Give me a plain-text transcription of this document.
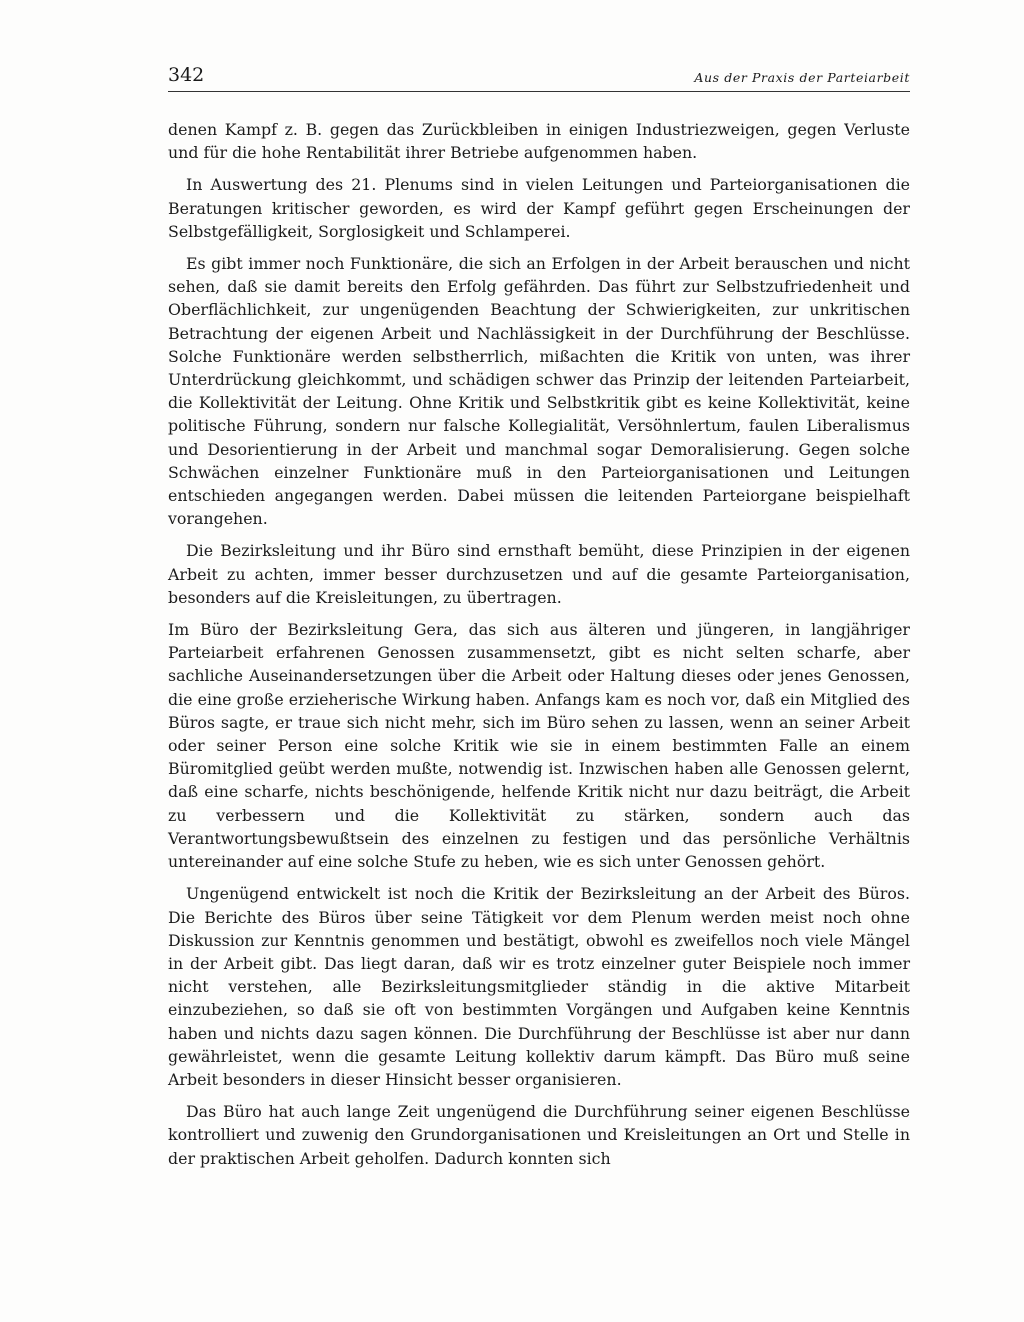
342	Aus der Praxis der Parteiarbeit

denen Kampf z. B. gegen das Zurückbleiben in einigen Industriezweigen, gegen Verluste und für die hohe Rentabilität ihrer Betriebe aufgenommen haben.

In Auswertung des 21. Plenums sind in vielen Leitungen und Parteiorganisationen die Beratungen kritischer geworden, es wird der Kampf geführt gegen Erscheinungen der Selbstgefälligkeit, Sorglosigkeit und Schlamperei.

Es gibt immer noch Funktionäre, die sich an Erfolgen in der Arbeit berauschen und nicht sehen, daß sie damit bereits den Erfolg gefährden. Das führt zur Selbstzufriedenheit und Oberflächlichkeit, zur ungenügenden Beachtung der Schwierigkeiten, zur unkritischen Betrachtung der eigenen Arbeit und Nachlässigkeit in der Durchführung der Beschlüsse. Solche Funktionäre werden selbstherrlich, mißachten die Kritik von unten, was ihrer Unterdrückung gleichkommt, und schädigen schwer das Prinzip der leitenden Parteiarbeit, die Kollektivität der Leitung. Ohne Kritik und Selbstkritik gibt es keine Kollektivität, keine politische Führung, sondern nur falsche Kollegialität, Versöhnlertum, faulen Liberalismus und Desorientierung in der Arbeit und manchmal sogar Demoralisierung. Gegen solche Schwächen einzelner Funktionäre muß in den Parteiorganisationen und Leitungen entschieden angegangen werden. Dabei müssen die leitenden Parteiorgane beispielhaft vorangehen.

Die Bezirksleitung und ihr Büro sind ernsthaft bemüht, diese Prinzipien in der eigenen Arbeit zu achten, immer besser durchzusetzen und auf die gesamte Parteiorganisation, besonders auf die Kreisleitungen, zu übertragen.

Im Büro der Bezirksleitung Gera, das sich aus älteren und jüngeren, in langjähriger Parteiarbeit erfahrenen Genossen zusammensetzt, gibt es nicht selten scharfe, aber sachliche Auseinandersetzungen über die Arbeit oder Haltung dieses oder jenes Genossen, die eine große erzieherische Wirkung haben. Anfangs kam es noch vor, daß ein Mitglied des Büros sagte, er traue sich nicht mehr, sich im Büro sehen zu lassen, wenn an seiner Arbeit oder seiner Person eine solche Kritik wie sie in einem bestimmten Falle an einem Büromitglied geübt werden mußte, notwendig ist. Inzwischen haben alle Genossen gelernt, daß eine scharfe, nichts beschönigende, helfende Kritik nicht nur dazu beiträgt, die Arbeit zu verbessern und die Kollektivität zu stärken, sondern auch das Verantwortungsbewußtsein des einzelnen zu festigen und das persönliche Verhältnis untereinander auf eine solche Stufe zu heben, wie es sich unter Genossen gehört.

Ungenügend entwickelt ist noch die Kritik der Bezirksleitung an der Arbeit des Büros. Die Berichte des Büros über seine Tätigkeit vor dem Plenum werden meist noch ohne Diskussion zur Kenntnis genommen und bestätigt, obwohl es zweifellos noch viele Mängel in der Arbeit gibt. Das liegt daran, daß wir es trotz einzelner guter Beispiele noch immer nicht verstehen, alle Bezirksleitungsmitglieder ständig in die aktive Mitarbeit einzubeziehen, so daß sie oft von bestimmten Vorgängen und Aufgaben keine Kenntnis haben und nichts dazu sagen können. Die Durchführung der Beschlüsse ist aber nur dann gewährleistet, wenn die gesamte Leitung kollektiv darum kämpft. Das Büro muß seine Arbeit besonders in dieser Hinsicht besser organisieren.

Das Büro hat auch lange Zeit ungenügend die Durchführung seiner eigenen Beschlüsse kontrolliert und zuwenig den Grundorganisationen und Kreisleitungen an Ort und Stelle in der praktischen Arbeit geholfen. Dadurch konnten sich
